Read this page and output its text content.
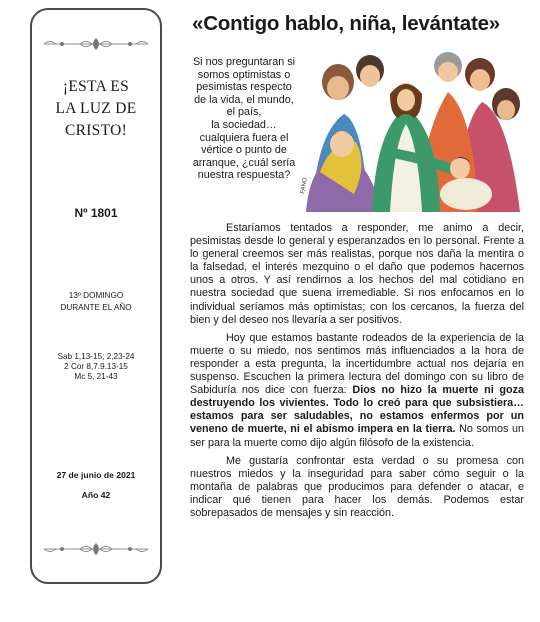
¡ESTA ES
LA LUZ DE
CRISTO!
Nº 1801
13º DOMINGO
DURANTE EL AÑO
Sab 1,13-15; 2,23-24
2 Cor 8,7.9.13-15
Mc 5, 21-43
27 de junio de 2021
Año 42
«Contigo hablo, niña, levántate»
Si nos preguntaran si
somos optimistas o
pesimistas respecto
de la vida, el mundo,
el país,
la sociedad…
cualquiera fuera el
vértice o punto de
arranque, ¿cuál sería
nuestra respuesta?
FANO

Estaríamos tentados a responder, me animo a decir, pesimistas desde lo general y esperanzados en lo personal. Frente a lo general creemos ser más realistas, porque nos daña la mentira o la falsedad, el interés mezquino o el daño que podemos hacernos unos a otros. Y así rendirnos a los hechos del mal cotidiano en nuestra sociedad que suena irremediable. Si nos enfocamos en lo individual seríamos más optimistas; con los cercanos, la fuerza del bien y del deseo nos llevaría a ser positivos.

Hoy que estamos bastante rodeados de la experiencia de la muerte o su miedo, nos sentimos más influenciados a la hora de responder a esta pregunta, la incertidumbre actual nos dejaría en suspenso. Escuchen la primera lectura del domingo con su libro de Sabiduría nos dice con fuerza: Dios no hizo la muerte ni goza destruyendo los vivientes. Todo lo creó para que subsistiera… estamos para ser saludables, no estamos enfermos por un veneno de muerte, ni el abismo impera en la tierra. No somos un ser para la muerte como dijo algún filósofo de la existencia.

Me gustaría confrontar esta verdad o su promesa con nuestros miedos y la inseguridad para saber cómo seguir o la montaña de palabras que producimos para defender o atacar, e indicar qué tienen para hacer los demás. Podemos estar sobrepasados de mensajes y sin reacción.
